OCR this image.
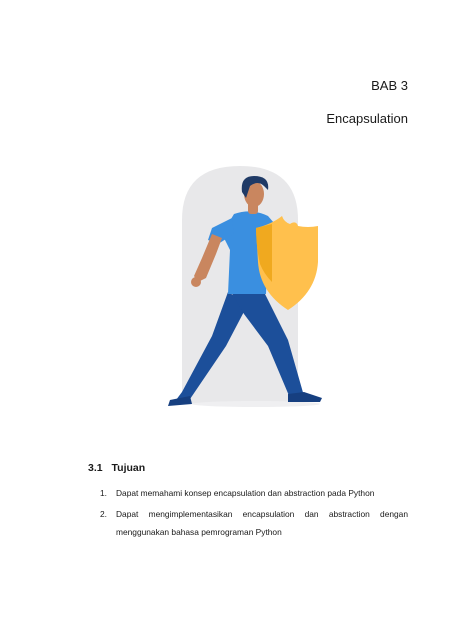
BAB 3
Encapsulation
3.1 Tujuan
1. Dapat memahami konsep encapsulation dan abstraction pada Python
2. Dapat mengimplementasikan encapsulation dan abstraction dengan menggunakan bahasa pemrograman Python
